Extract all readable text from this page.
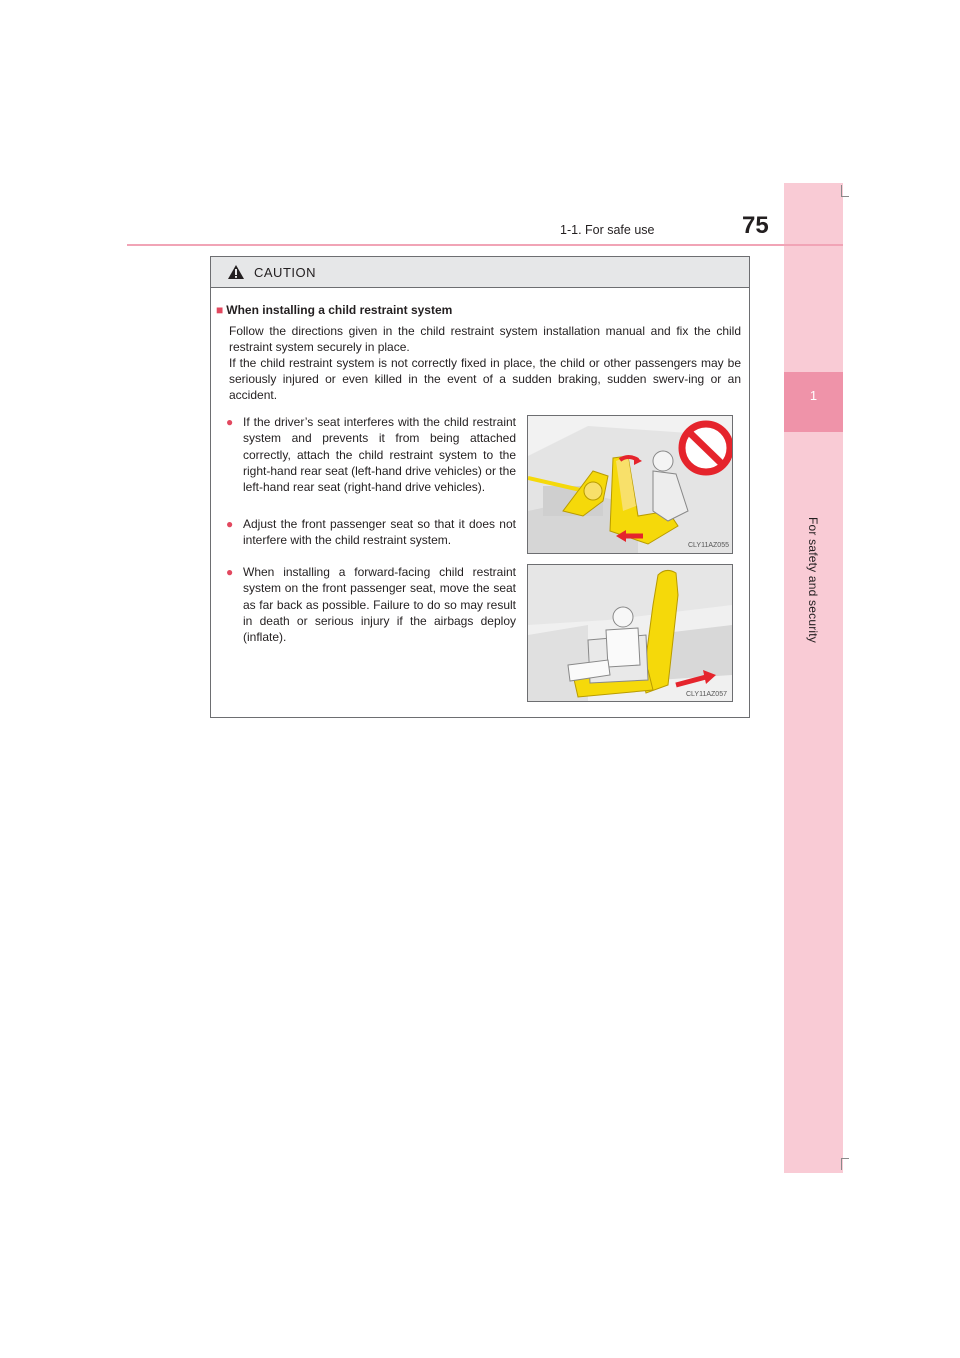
1
For safety and security
1-1. For safe use	75
CAUTION
■ When installing a child restraint system

Follow the directions given in the child restraint system installation manual and fix the child restraint system securely in place.

If the child restraint system is not correctly fixed in place, the child or other passengers may be seriously injured or even killed in the event of a sudden braking, sudden swerv-ing or an accident.

● If the driver’s seat interferes with the child restraint system and prevents it from being attached correctly, attach the child restraint system to the right-hand rear seat (left-hand drive vehicles) or the left-hand rear seat (right-hand drive vehicles).

● Adjust the front passenger seat so that it does not interfere with the child restraint system.

● When installing a forward-facing child restraint system on the front passenger seat, move the seat as far back as possible. Failure to do so may result in death or serious injury if the airbags deploy (inflate).

CLY11AZ055
CLY11AZ057
